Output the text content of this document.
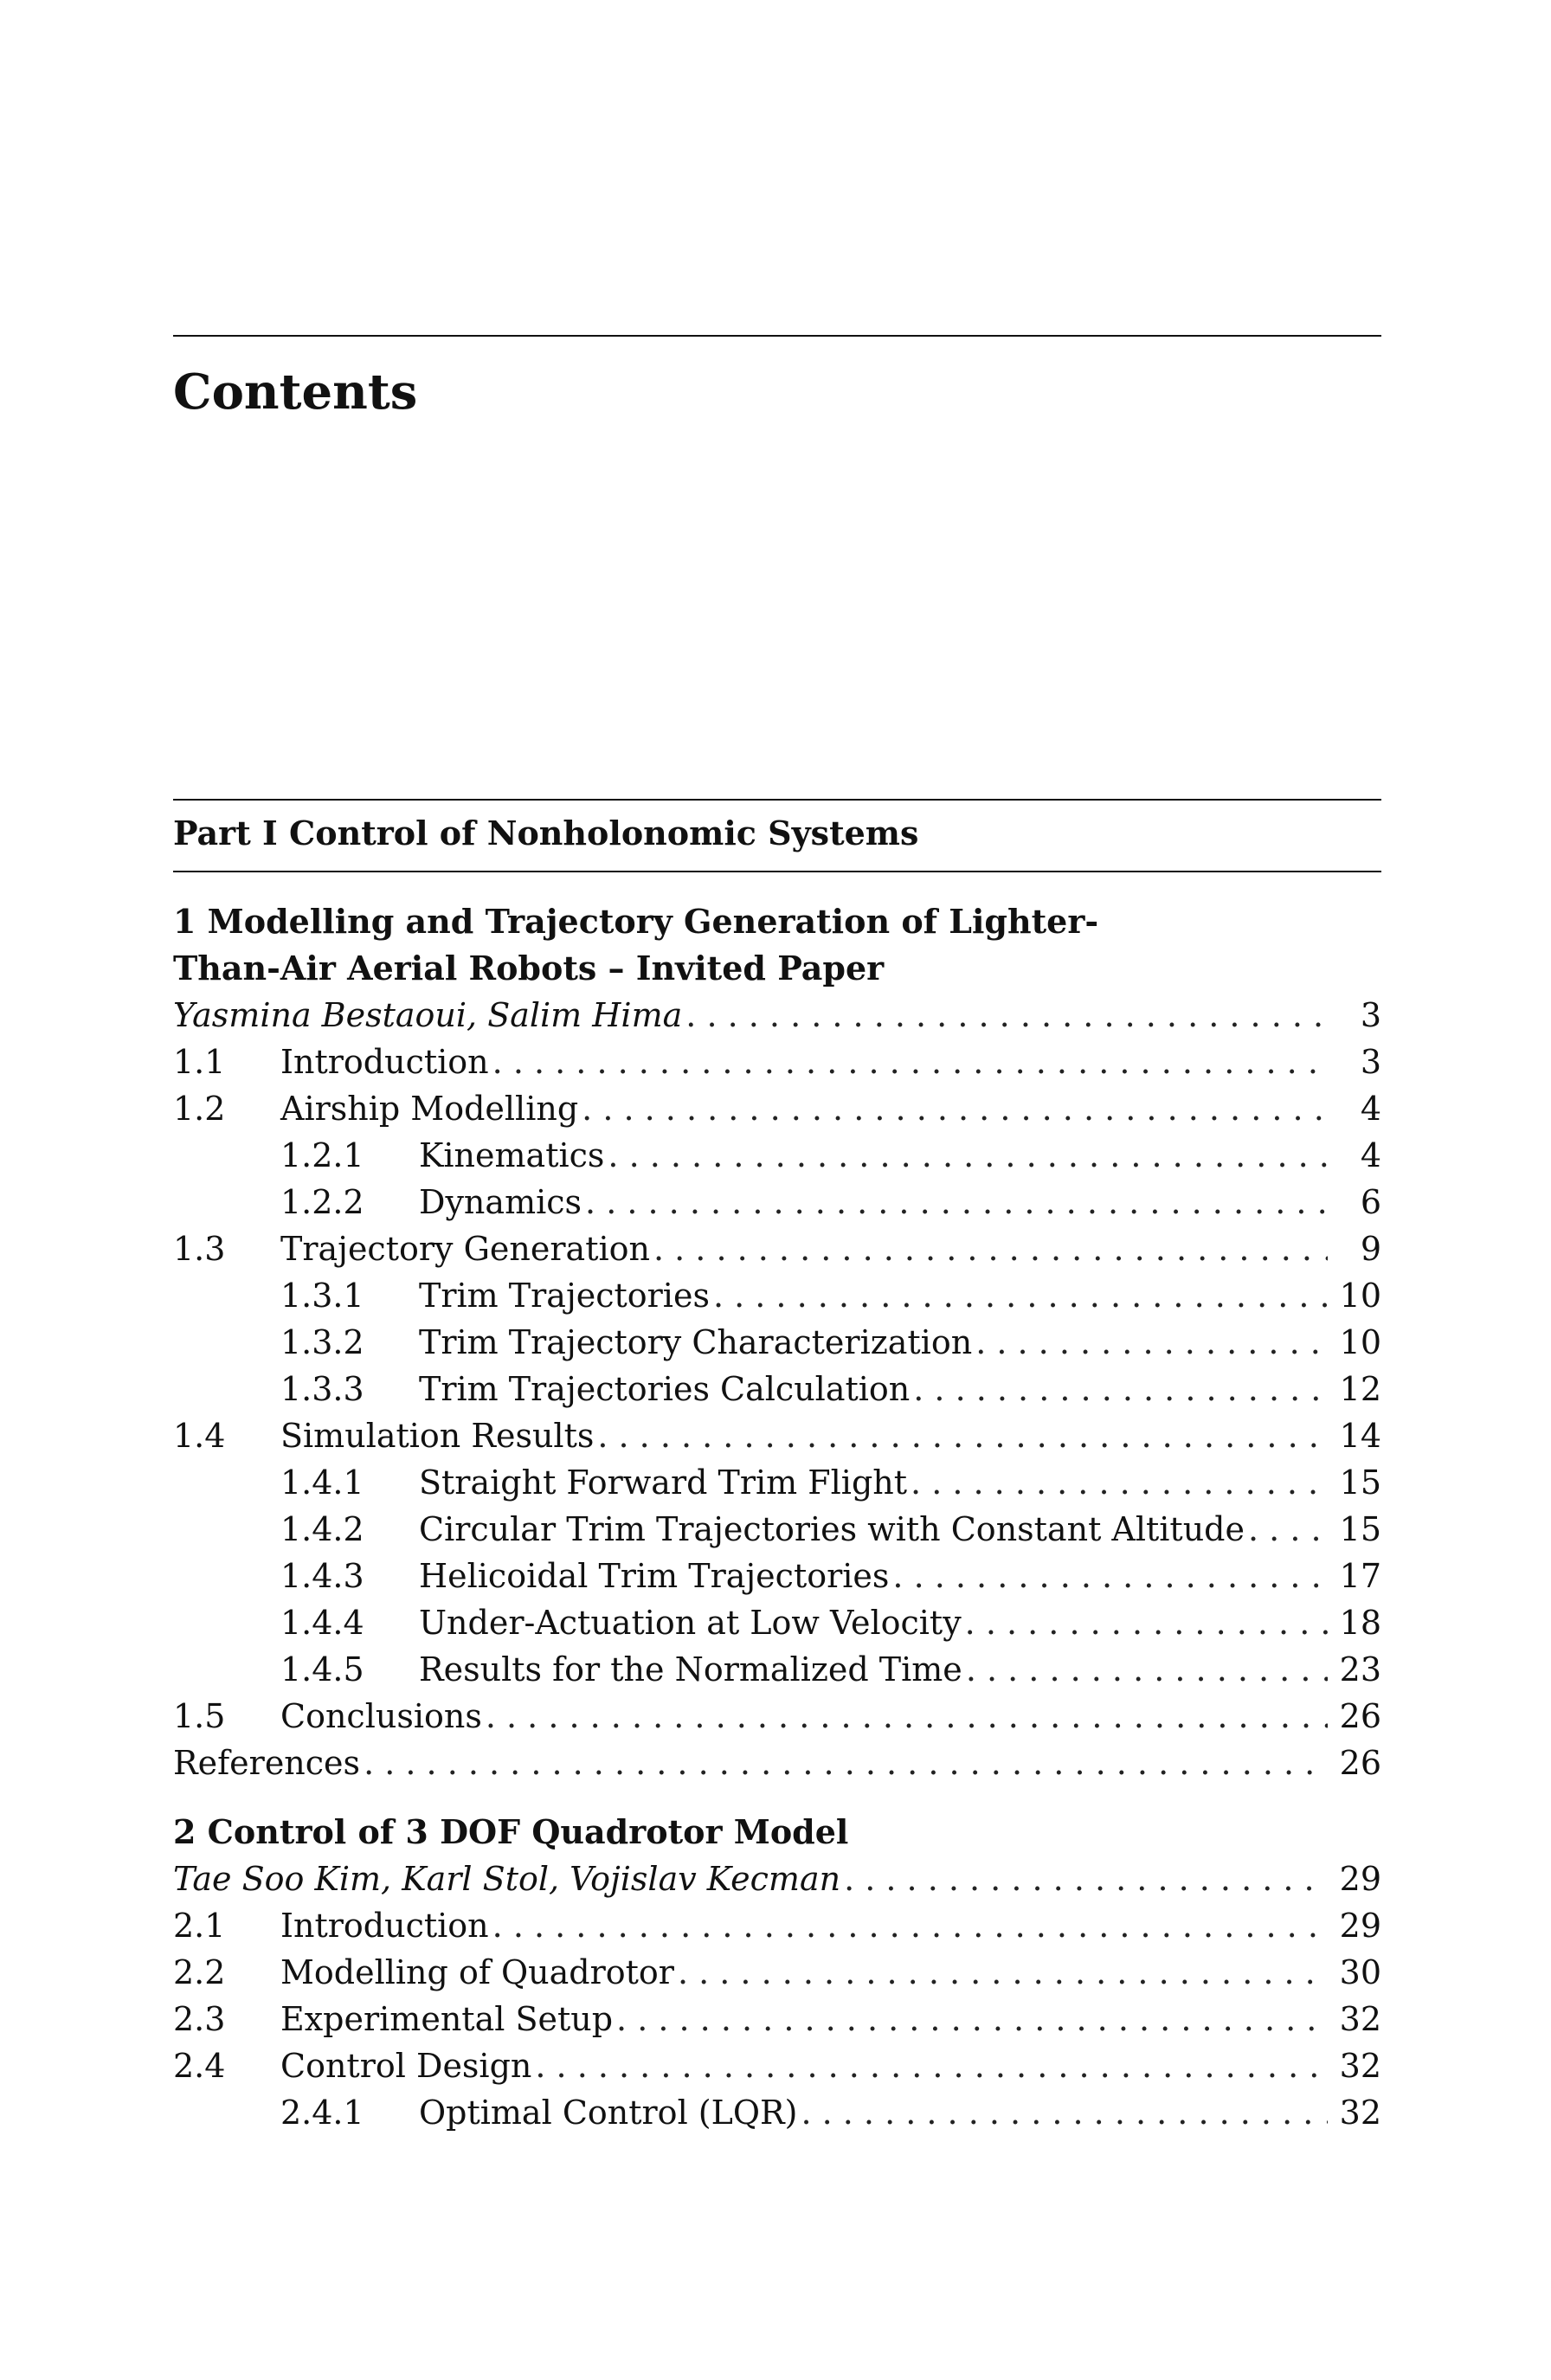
Contents
Part I Control of Nonholonomic Systems

1 Modelling and Trajectory Generation of Lighter-

Than-Air Aerial Robots – Invited Paper

Yasmina Bestaoui, Salim Hima . . .	3
1.1	Introduction . . .	3
1.2	Airship Modelling . . .	4
1.2.1	Kinematics . . .	4
1.2.2	Dynamics . . .	6
1.3	Trajectory Generation . . .	9
1.3.1	Trim Trajectories . . .	10
1.3.2	Trim Trajectory Characterization . . .	10
1.3.3	Trim Trajectories Calculation . . .	12
1.4	Simulation Results . . .	14
1.4.1	Straight Forward Trim Flight . . .	15
1.4.2	Circular Trim Trajectories with Constant Altitude . . .	15
1.4.3	Helicoidal Trim Trajectories . . .	17
1.4.4	Under-Actuation at Low Velocity . . .	18
1.4.5	Results for the Normalized Time . . .	23
1.5	Conclusions . . .	26
References . . .	26

2 Control of 3 DOF Quadrotor Model

Tae Soo Kim, Karl Stol, Vojislav Kecman . . .	29
2.1	Introduction . . .	29
2.2	Modelling of Quadrotor . . .	30
2.3	Experimental Setup . . .	32
2.4	Control Design . . .	32
2.4.1	Optimal Control (LQR) . . .	32
